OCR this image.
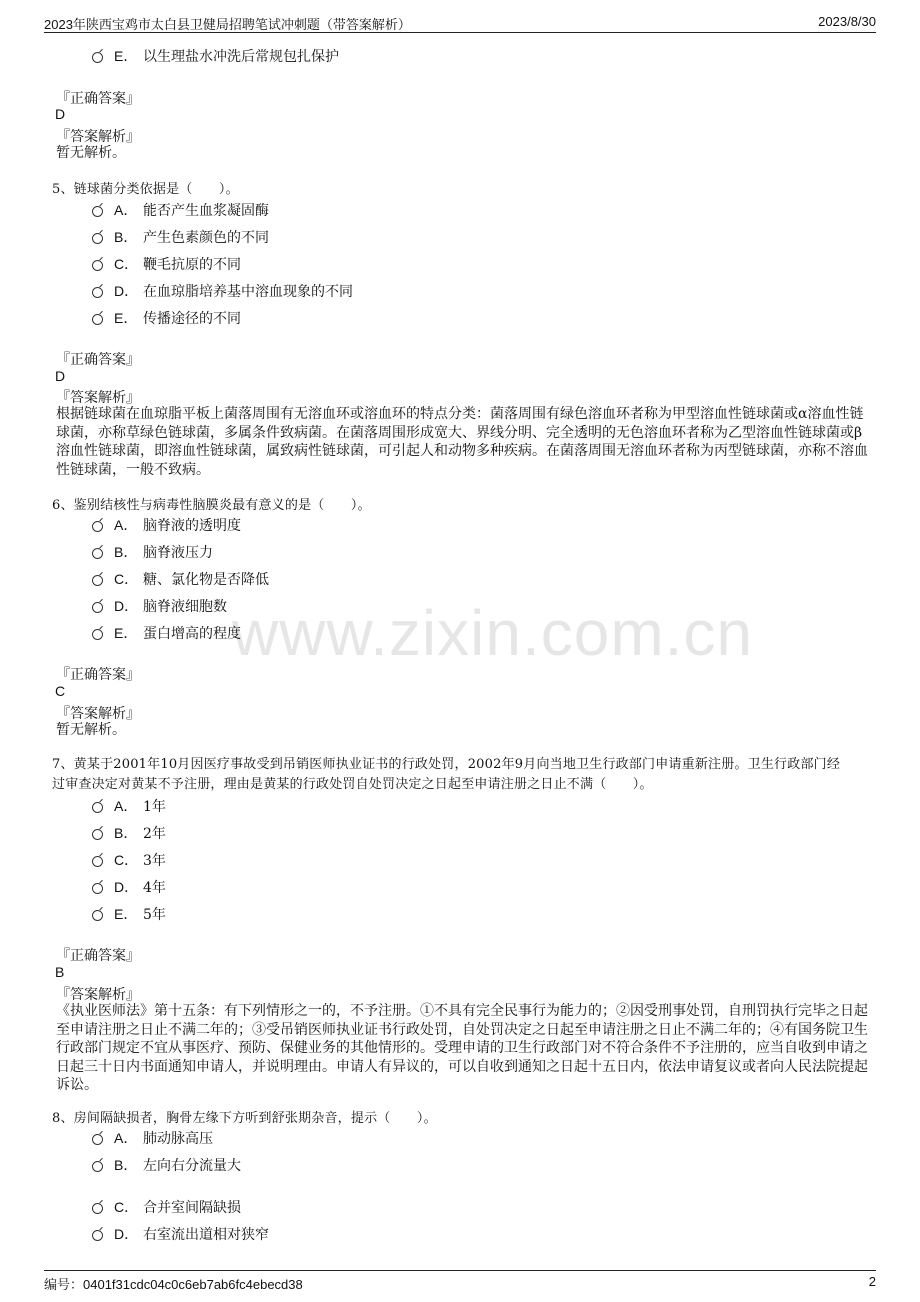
2023年陕西宝鸡市太白县卫健局招聘笔试冲刺题（带答案解析）	2023/8/30
www.zixin.com.cn
E． 以生理盐水冲洗后常规包扎保护
『正确答案』
D
『答案解析』
暂无解析。
5、链球菌分类依据是（　　）。
A． 能否产生血浆凝固酶
B． 产生色素颜色的不同
C． 鞭毛抗原的不同
D． 在血琼脂培养基中溶血现象的不同
E． 传播途径的不同
『正确答案』
D
『答案解析』
根据链球菌在血琼脂平板上菌落周围有无溶血环或溶血环的特点分类：菌落周围有绿色溶血环者称为甲型溶血性链球菌或α溶血性链球菌，亦称草绿色链球菌，多属条件致病菌。在菌落周围形成宽大、界线分明、完全透明的无色溶血环者称为乙型溶血性链球菌或β溶血性链球菌，即溶血性链球菌，属致病性链球菌，可引起人和动物多种疾病。在菌落周围无溶血环者称为丙型链球菌，亦称不溶血性链球菌，一般不致病。
6、鉴别结核性与病毒性脑膜炎最有意义的是（　　）。
A． 脑脊液的透明度
B． 脑脊液压力
C． 糖、氯化物是否降低
D． 脑脊液细胞数
E． 蛋白增高的程度
『正确答案』
C
『答案解析』
暂无解析。
7、黄某于2001年10月因医疗事故受到吊销医师执业证书的行政处罚，2002年9月向当地卫生行政部门申请重新注册。卫生行政部门经过审查决定对黄某不予注册，理由是黄某的行政处罚自处罚决定之日起至申请注册之日止不满（　　）。
A． 1年
B． 2年
C． 3年
D． 4年
E． 5年
『正确答案』
B
『答案解析』
《执业医师法》第十五条：有下列情形之一的，不予注册。①不具有完全民事行为能力的；②因受刑事处罚，自刑罚执行完毕之日起至申请注册之日止不满二年的；③受吊销医师执业证书行政处罚，自处罚决定之日起至申请注册之日止不满二年的；④有国务院卫生行政部门规定不宜从事医疗、预防、保健业务的其他情形的。受理申请的卫生行政部门对不符合条件不予注册的，应当自收到申请之日起三十日内书面通知申请人，并说明理由。申请人有异议的，可以自收到通知之日起十五日内，依法申请复议或者向人民法院提起诉讼。
8、房间隔缺损者，胸骨左缘下方听到舒张期杂音，提示（　　）。
A． 肺动脉高压
B． 左向右分流量大
C． 合并室间隔缺损
D． 右室流出道相对狭窄
编号：0401f31cdc04c0c6eb7ab6fc4ebecd38	2
